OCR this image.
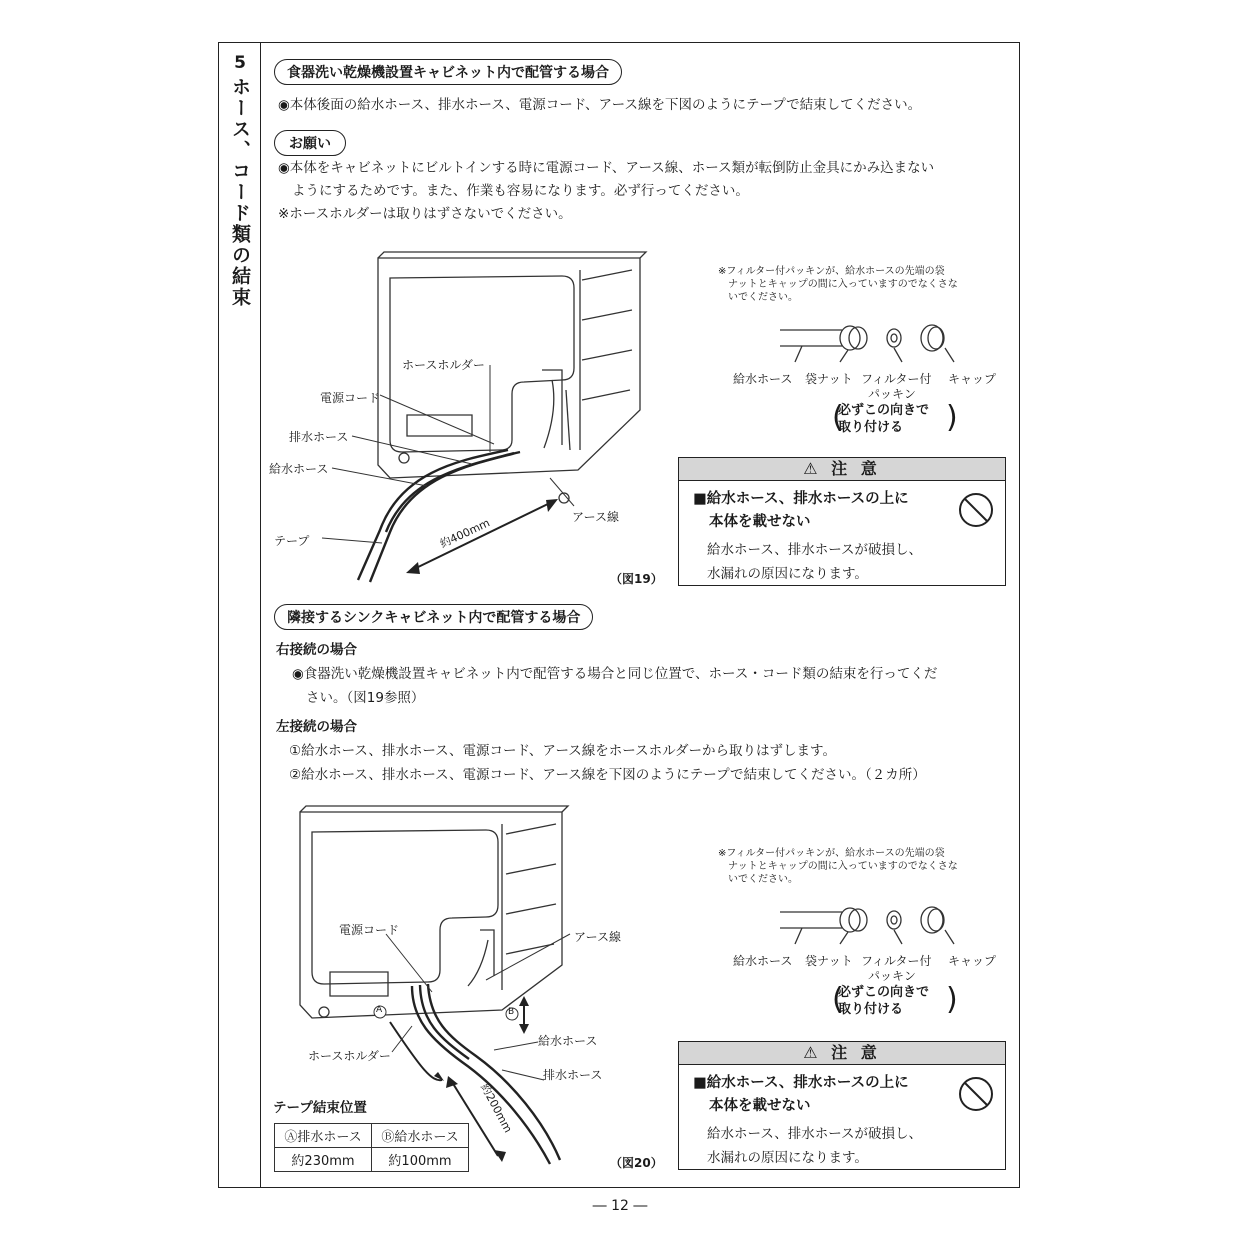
5
ホース、コード類の結束
食器洗い乾燥機設置キャビネット内で配管する場合
◉本体後面の給水ホース、排水ホース、電源コード、アース線を下図のようにテープで結束してください。
お願い
◉本体をキャビネットにビルトインする時に電源コード、アース線、ホース類が転倒防止金具にかみ込まない
ようにするためです。また、作業も容易になります。必ず行ってください。
※ホースホルダーは取りはずさないでください。
ホースホルダー
電源コード
排水ホース
給水ホース
アース線
テープ	約400mm
（図19）
※フィルター付パッキンが、給水ホースの先端の袋
ナットとキャップの間に入っていますのでなくさな
いでください。
給水ホース 袋ナット フィルター付
パッキン
キャップ
(
必ずこの向きで
取り付ける	)
⚠ 注 意
■給水ホース、排水ホースの上に
本体を載せない
給水ホース、排水ホースが破損し、
水漏れの原因になります。
隣接するシンクキャビネット内で配管する場合
右接続の場合
◉食器洗い乾燥機設置キャビネット内で配管する場合と同じ位置で、ホース・コード類の結束を行ってくだ
さい。（図19参照）
左接続の場合
①給水ホース、排水ホース、電源コード、アース線をホースホルダーから取りはずします。
②給水ホース、排水ホース、電源コード、アース線を下図のようにテープで結束してください。（２カ所）
電源コード	アース線
ホースホルダー
給水ホース
排水ホース
A	B
約200mm
（図20）
テープ結束位置
Ⓐ排水ホース	Ⓑ給水ホース
約230mm	約100mm
※フィルター付パッキンが、給水ホースの先端の袋
ナットとキャップの間に入っていますのでなくさな
いでください。
給水ホース 袋ナット フィルター付
パッキン
キャップ
(
必ずこの向きで
取り付ける	)
⚠ 注 意
■給水ホース、排水ホースの上に
本体を載せない
給水ホース、排水ホースが破損し、
水漏れの原因になります。
― 12 ―
